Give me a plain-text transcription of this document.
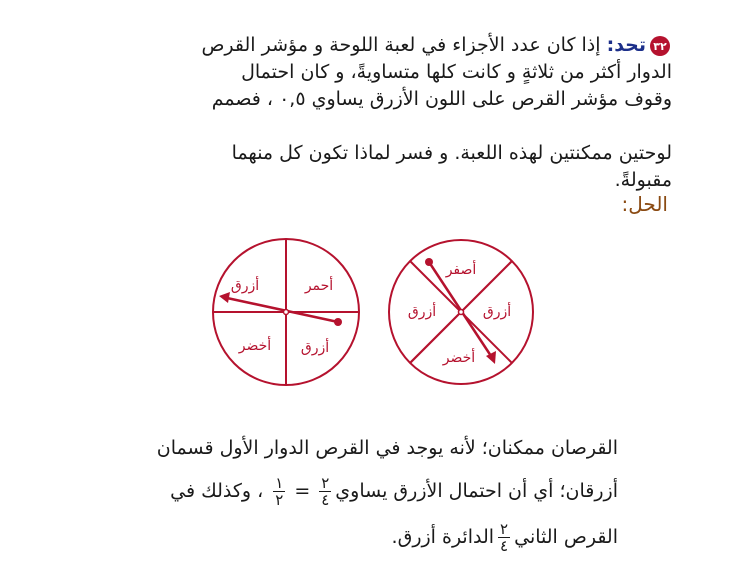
٣٢
تحد: إذا كان عدد الأجزاء في لعبة اللوحة و مؤشر القرص
الدوار أكثر من ثلاثةٍ و كانت كلها متساويةً، و كان احتمال
وقوف مؤشر القرص على اللون الأزرق يساوي ٠,٥ ، فصمم
لوحتين ممكنتين لهذه اللعبة. و فسر لماذا تكون كل منهما
مقبولةً.
الحل:
أزرق	أحمر
أخضر أزرق
أصفر
أزرق
أزرق
أخضر
القرصان ممكنان؛ لأنه يوجد في القرص الدوار الأول قسمان
أزرقان؛ أي أن احتمال الأزرق يساوي
$\frac{٢}{٤}$
=
$\frac{١}{٢}$
، وكذلك في
القرص الثاني
$\frac{٢}{٤}$
الدائرة أزرق.
